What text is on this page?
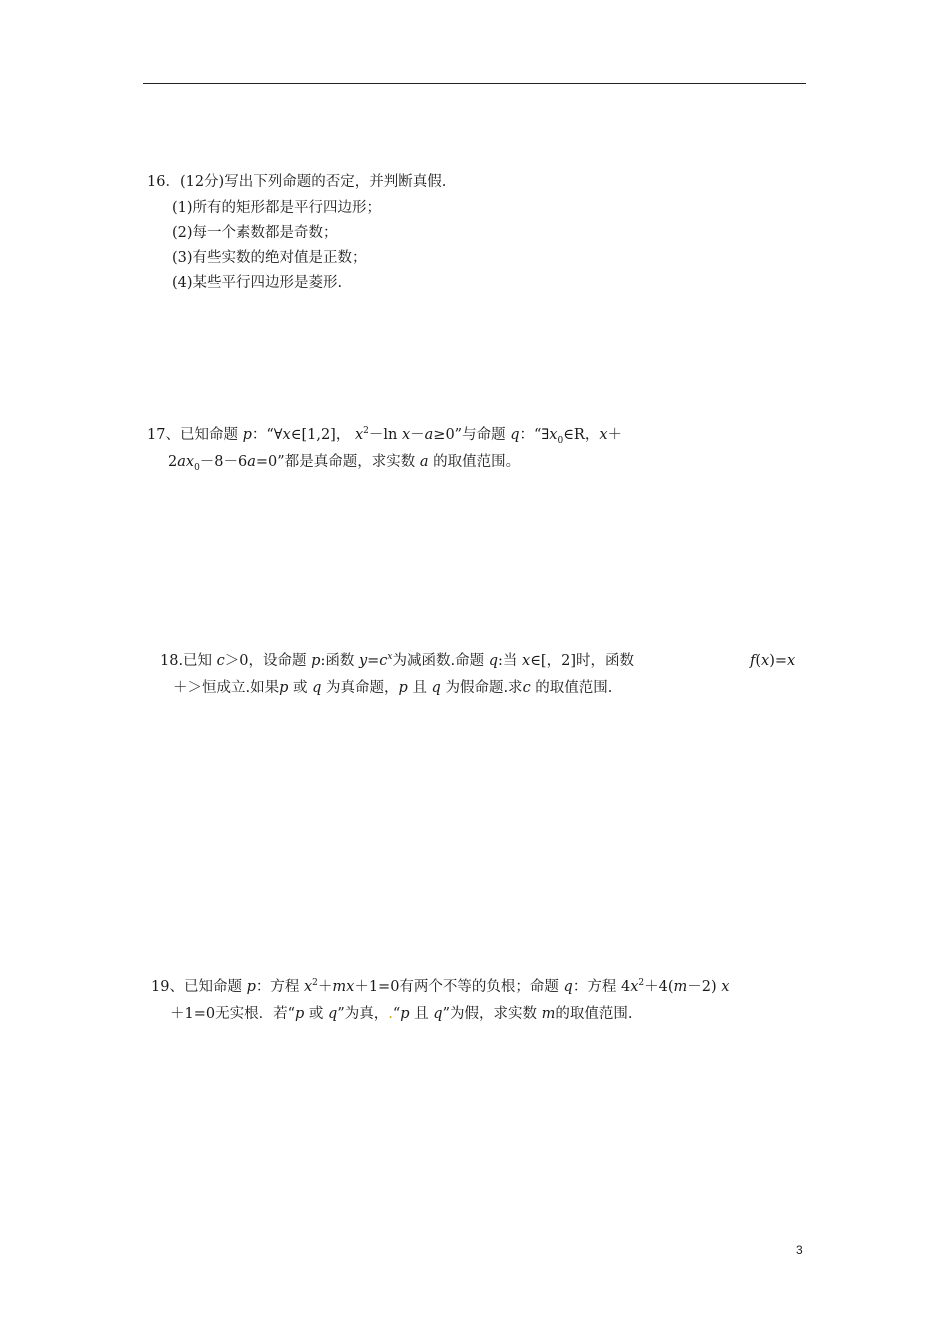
16．(12分)写出下列命题的否定，并判断真假.
(1)所有的矩形都是平行四边形；
(2)每一个素数都是奇数；
(3)有些实数的绝对值是正数；
(4)某些平行四边形是菱形.
17、已知命题 p：“∀x∈[1,2]， $x^2-\ln$ x－a≥0”与命题 q：“$\exists x_0\in R$，x＋
$2ax_0-8-6a=0$”都是真命题，求实数 a 的取值范围。
18.已知 c＞0，设命题 p:函数 $y=c^x$为减函数.命题 q:当 x∈[，2]时，函数	f(x)=x
＋＞恒成立.如果p 或 q 为真命题，p 且 q 为假命题.求c 的取值范围.
19、已知命题 p：方程 $x^2+mx+1=0$有两个不等的负根；命题 q：方程 $4x^2+4(m-2)$ x
＋1=0无实根．若“p 或 q”为真，.“p 且 q”为假，求实数 m的取值范围.
3
